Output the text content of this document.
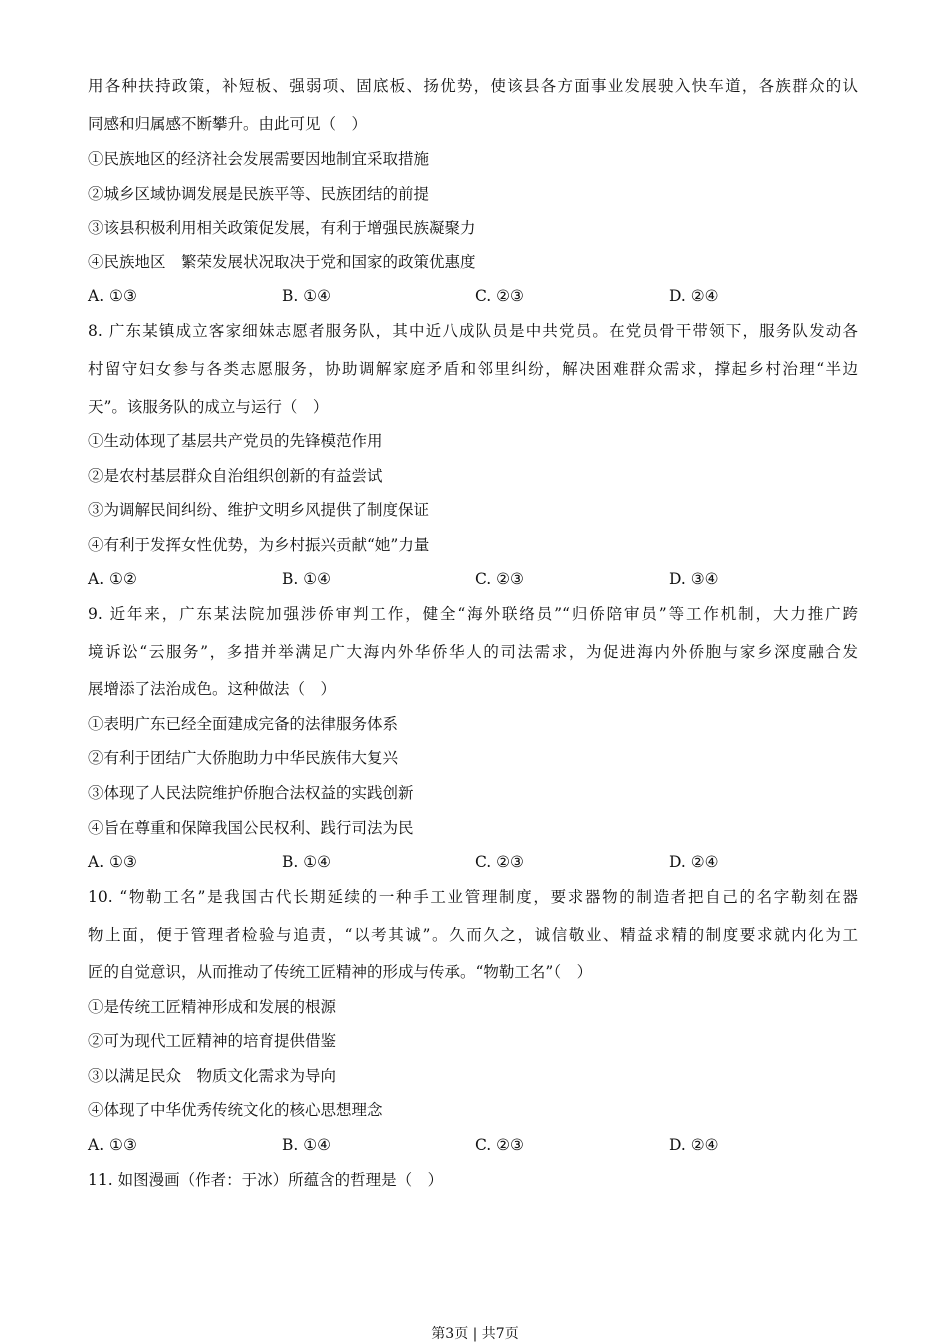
用各种扶持政策，补短板、强弱项、固底板、扬优势，使该县各方面事业发展驶入快车道，各族群众的认
同感和归属感不断攀升。由此可见（　）
①民族地区的经济社会发展需要因地制宜采取措施
②城乡区域协调发展是民族平等、民族团结的前提
③该县积极利用相关政策促发展，有利于增强民族凝聚力
④民族地区　繁荣发展状况取决于党和国家的政策优惠度
A. ①③	B. ①④	C. ②③	D. ②④
8. 广东某镇成立客家细妹志愿者服务队，其中近八成队员是中共党员。在党员骨干带领下，服务队发动各
村留守妇女参与各类志愿服务，协助调解家庭矛盾和邻里纠纷，解决困难群众需求，撑起乡村治理“半边
天”。该服务队的成立与运行（　）
①生动体现了基层共产党员的先锋模范作用
②是农村基层群众自治组织创新的有益尝试
③为调解民间纠纷、维护文明乡风提供了制度保证
④有利于发挥女性优势，为乡村振兴贡献“她”力量
A. ①②	B. ①④	C. ②③	D. ③④
9. 近年来，广东某法院加强涉侨审判工作，健全“海外联络员”“归侨陪审员”等工作机制，大力推广跨
境诉讼“云服务”，多措并举满足广大海内外华侨华人的司法需求，为促进海内外侨胞与家乡深度融合发
展增添了法治成色。这种做法（　）
①表明广东已经全面建成完备的法律服务体系
②有利于团结广大侨胞助力中华民族伟大复兴
③体现了人民法院维护侨胞合法权益的实践创新
④旨在尊重和保障我国公民权利、践行司法为民
A. ①③	B. ①④	C. ②③	D. ②④
10. “物勒工名”是我国古代长期延续的一种手工业管理制度，要求器物的制造者把自己的名字勒刻在器
物上面，便于管理者检验与追责，“以考其诚”。久而久之，诚信敬业、精益求精的制度要求就内化为工
匠的自觉意识，从而推动了传统工匠精神的形成与传承。“物勒工名”（　）
①是传统工匠精神形成和发展的根源
②可为现代工匠精神的培育提供借鉴
③以满足民众　物质文化需求为导向
④体现了中华优秀传统文化的核心思想理念
A. ①③	B. ①④	C. ②③	D. ②④
11. 如图漫画（作者：于冰）所蕴含的哲理是（　）
第3页 | 共7页
